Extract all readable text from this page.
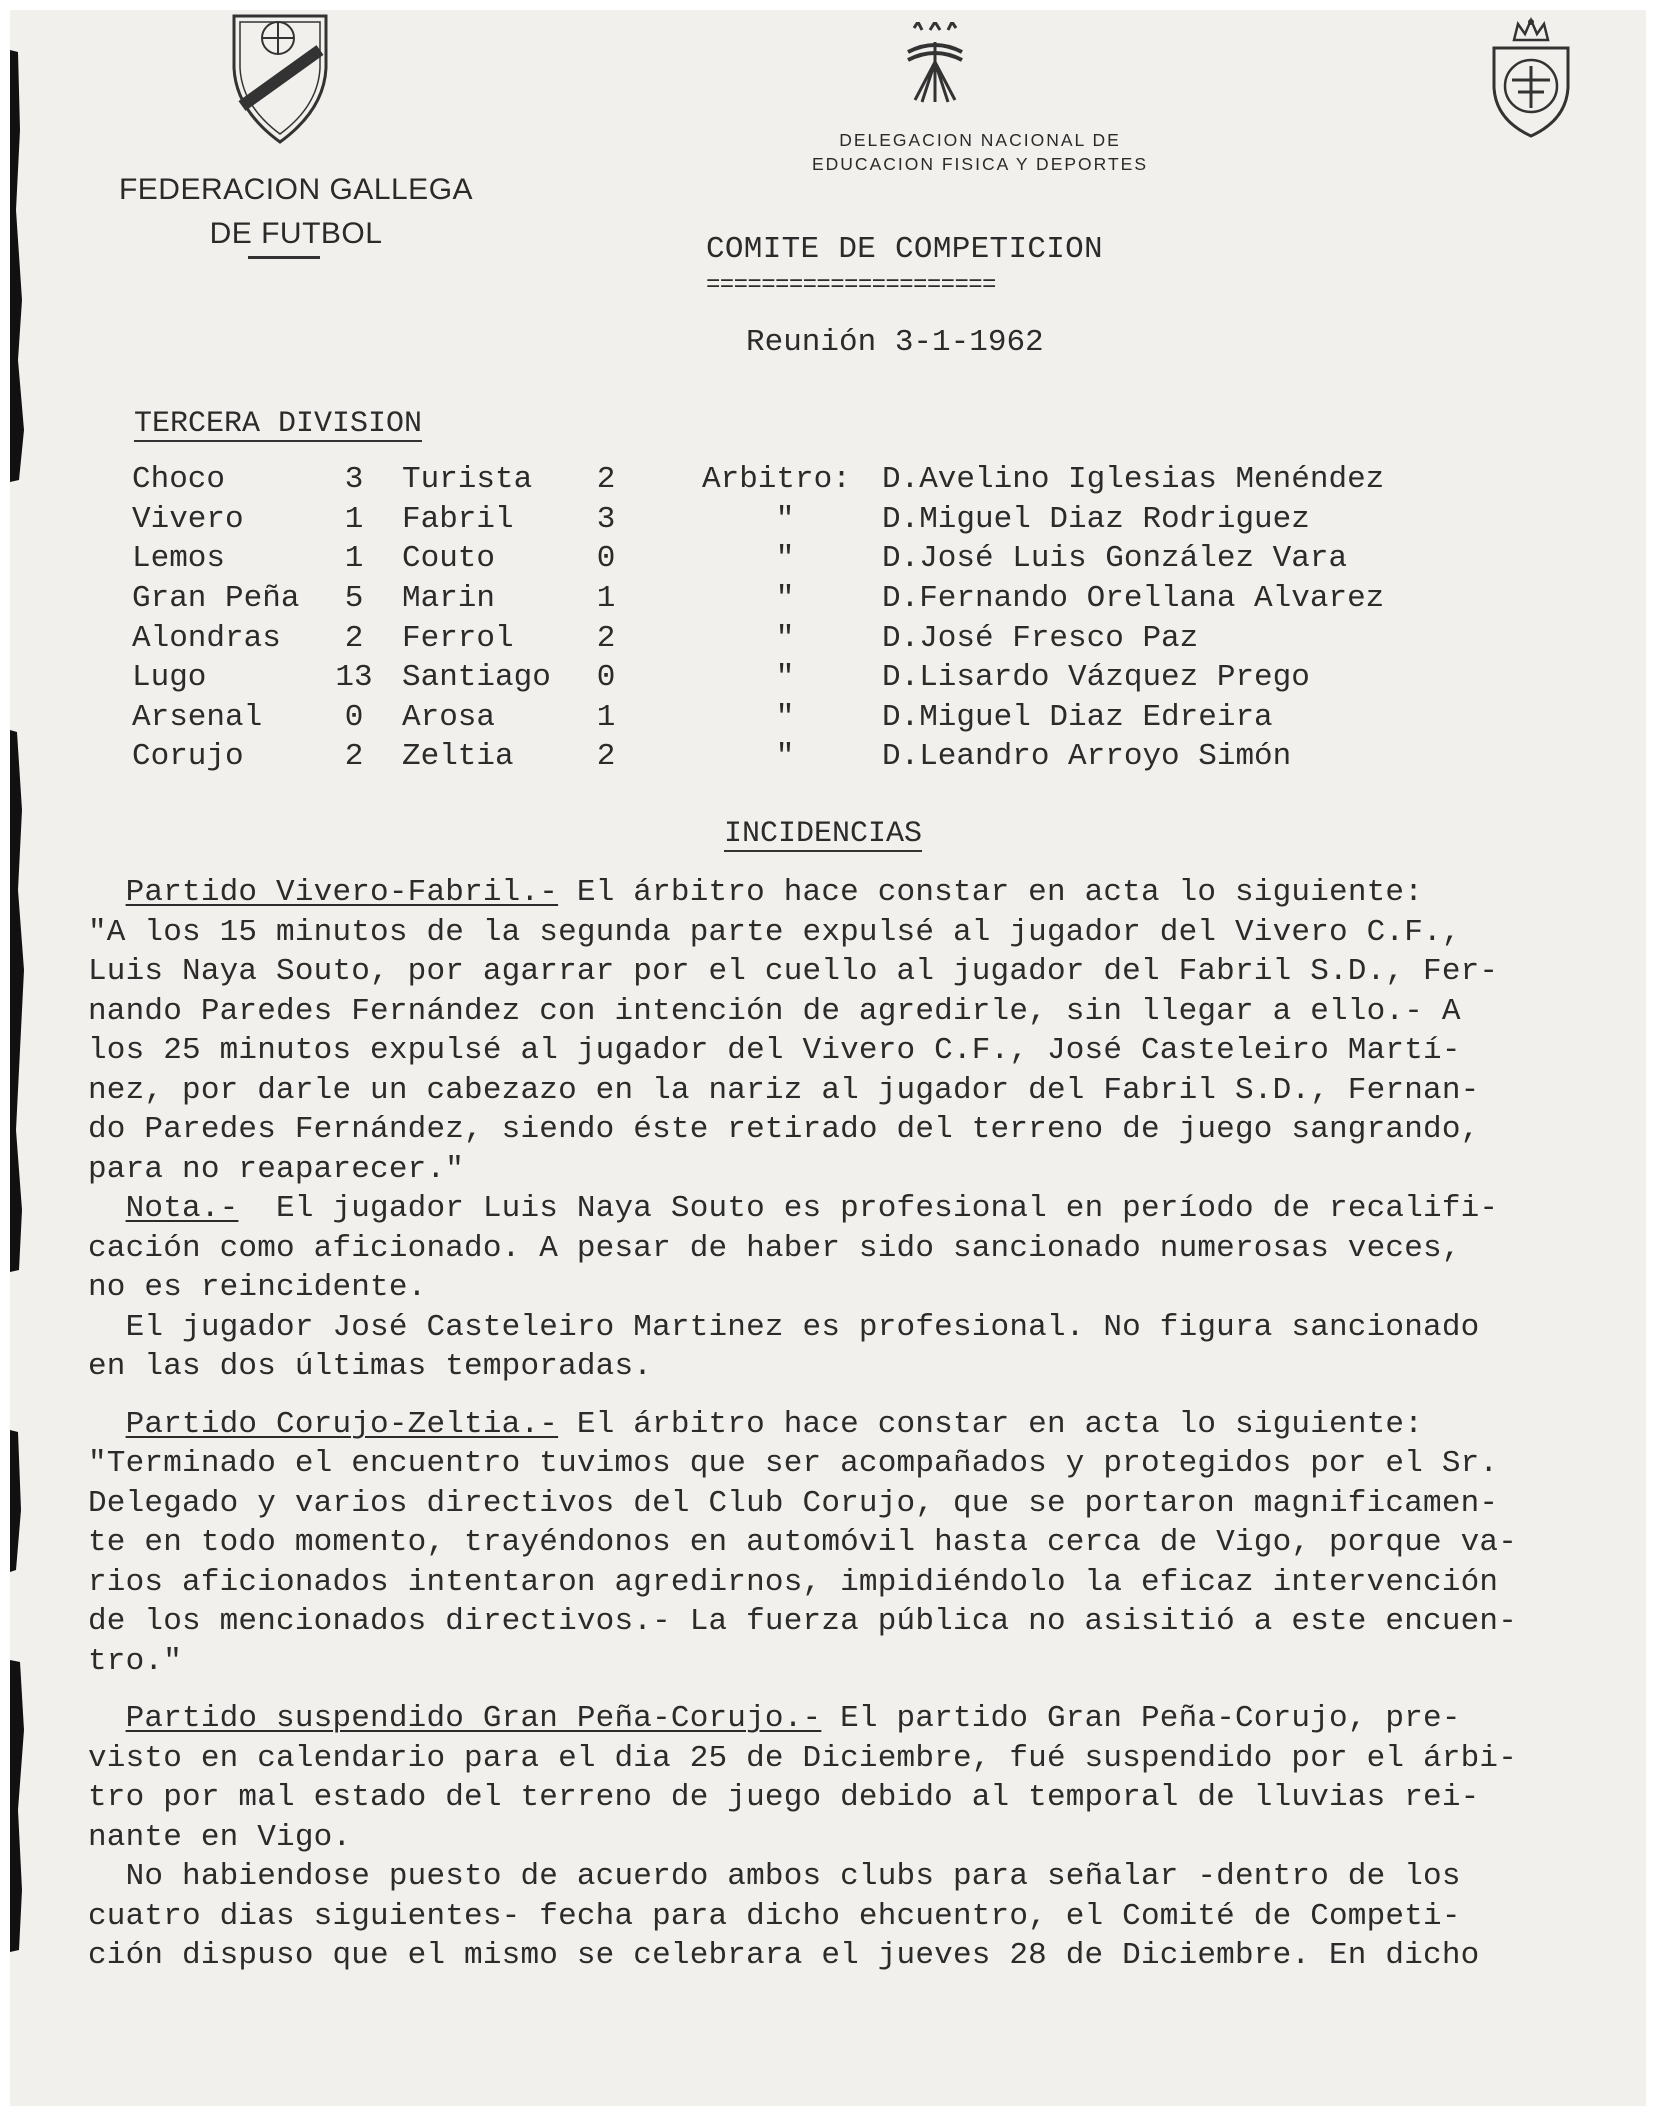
FEDERACION GALLEGA
DE FUTBOL
DELEGACION NACIONAL DE
EDUCACION FISICA Y DEPORTES
COMITE DE COMPETICION
=====================
Reunión 3-1-1962
TERCERA DIVISION
Choco	3	Turista	2	Arbitro:	D.Avelino Iglesias Menéndez
Vivero	1	Fabril	3	"	D.Miguel Diaz Rodriguez
Lemos	1	Couto	0	"	D.José Luis González Vara
Gran Peña	5	Marin	1	"	D.Fernando Orellana Alvarez
Alondras	2	Ferrol	2	"	D.José Fresco Paz
Lugo	13	Santiago	0	"	D.Lisardo Vázquez Prego
Arsenal	0	Arosa	1	"	D.Miguel Diaz Edreira
Corujo	2	Zeltia	2	"	D.Leandro Arroyo Simón
INCIDENCIAS
Partido Vivero-Fabril.- El árbitro hace constar en acta lo siguiente:
"A los 15 minutos de la segunda parte expulsé al jugador del Vivero C.F.,
Luis Naya Souto, por agarrar por el cuello al jugador del Fabril S.D., Fer-
nando Paredes Fernández con intención de agredirle, sin llegar a ello.- A
los 25 minutos expulsé al jugador del Vivero C.F., José Casteleiro Martí-
nez, por darle un cabezazo en la nariz al jugador del Fabril S.D., Fernan-
do Paredes Fernández, siendo éste retirado del terreno de juego sangrando,
para no reaparecer."
Nota.-  El jugador Luis Naya Souto es profesional en período de recalifi-
cación como aficionado. A pesar de haber sido sancionado numerosas veces,
no es reincidente.
El jugador José Casteleiro Martinez es profesional. No figura sancionado
en las dos últimas temporadas.
Partido Corujo-Zeltia.- El árbitro hace constar en acta lo siguiente:
"Terminado el encuentro tuvimos que ser acompañados y protegidos por el Sr.
Delegado y varios directivos del Club Corujo, que se portaron magnificamen-
te en todo momento, trayéndonos en automóvil hasta cerca de Vigo, porque va-
rios aficionados intentaron agredirnos, impidiéndolo la eficaz intervención
de los mencionados directivos.- La fuerza pública no asisitió a este encuen-
tro."
Partido suspendido Gran Peña-Corujo.- El partido Gran Peña-Corujo, pre-
visto en calendario para el dia 25 de Diciembre, fué suspendido por el árbi-
tro por mal estado del terreno de juego debido al temporal de lluvias rei-
nante en Vigo.
No habiendose puesto de acuerdo ambos clubs para señalar -dentro de los
cuatro dias siguientes- fecha para dicho ehcuentro, el Comité de Competi-
ción dispuso que el mismo se celebrara el jueves 28 de Diciembre. En dicho
